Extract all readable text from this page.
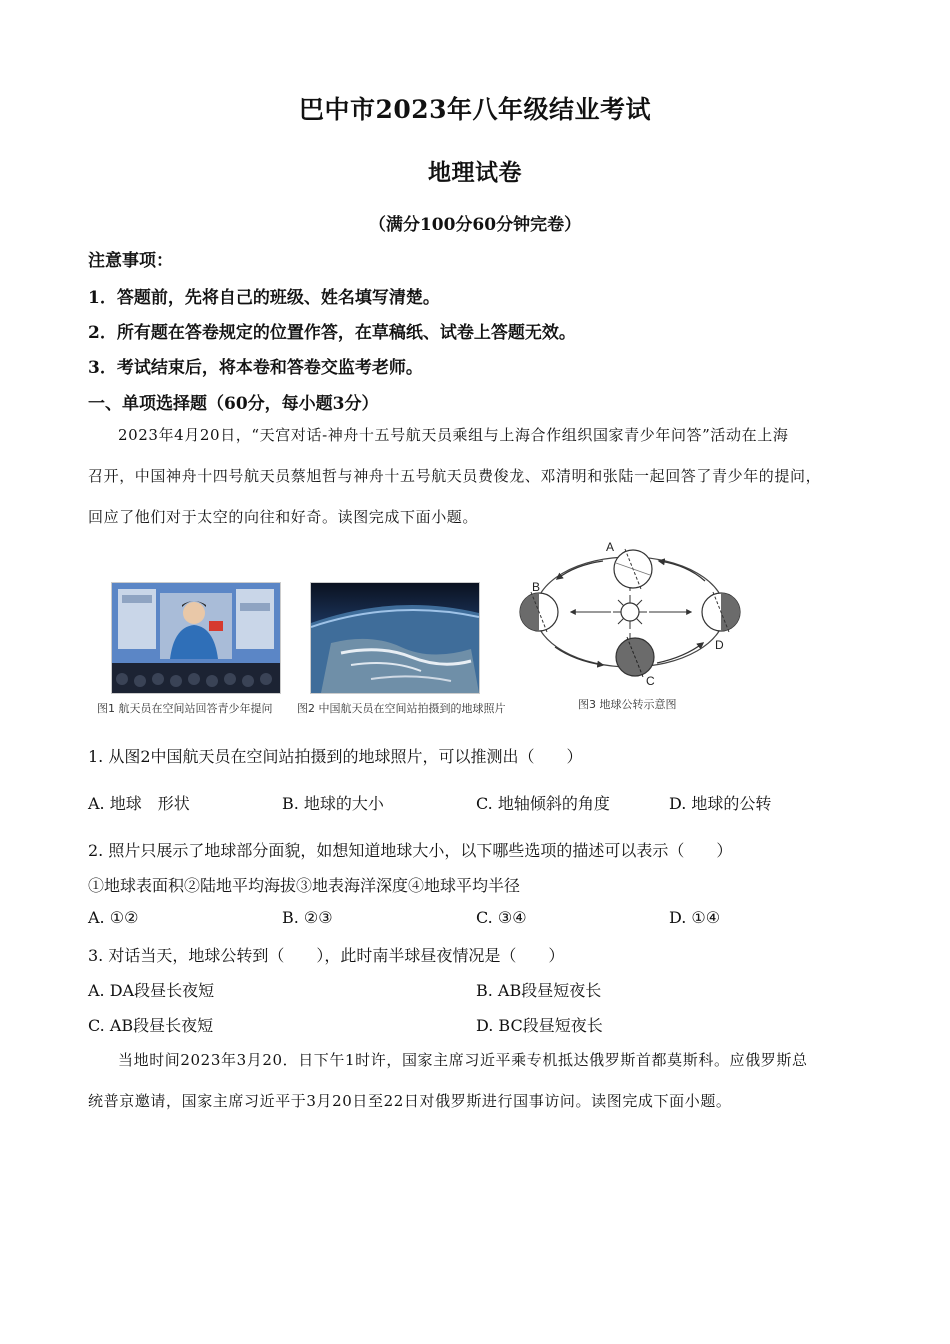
巴中市2023年八年级结业考试
地理试卷
（满分100分60分钟完卷）
注意事项：
1．答题前，先将自己的班级、姓名填写清楚。
2．所有题在答卷规定的位置作答，在草稿纸、试卷上答题无效。
3．考试结束后，将本卷和答卷交监考老师。
一、单项选择题（60分，每小题3分）
2023年4月20日，“天宫对话-神舟十五号航天员乘组与上海合作组织国家青少年问答”活动在上海
召开，中国神舟十四号航天员蔡旭哲与神舟十五号航天员费俊龙、邓清明和张陆一起回答了青少年的提问，
回应了他们对于太空的向往和好奇。读图完成下面小题。
图1 航天员在空间站回答青少年提问 图2 中国航天员在空间站拍摄到的地球照片
A
B
C
D
图3 地球公转示意图
1. 从图2中国航天员在空间站拍摄到的地球照片，可以推测出（　　）
A. 地球　形状	B. 地球的大小	C. 地轴倾斜的角度	D. 地球的公转
2. 照片只展示了地球部分面貌，如想知道地球大小，以下哪些选项的描述可以表示（　　）
①地球表面积②陆地平均海拔③地表海洋深度④地球平均半径
A. ①②	B. ②③	C. ③④	D. ①④
3. 对话当天，地球公转到（　　），此时南半球昼夜情况是（　　）
A. DA段昼长夜短	B. AB段昼短夜长
C. AB段昼长夜短	D. BC段昼短夜长
当地时间2023年3月20．日下午1时许，国家主席习近平乘专机抵达俄罗斯首都莫斯科。应俄罗斯总
统普京邀请，国家主席习近平于3月20日至22日对俄罗斯进行国事访问。读图完成下面小题。
